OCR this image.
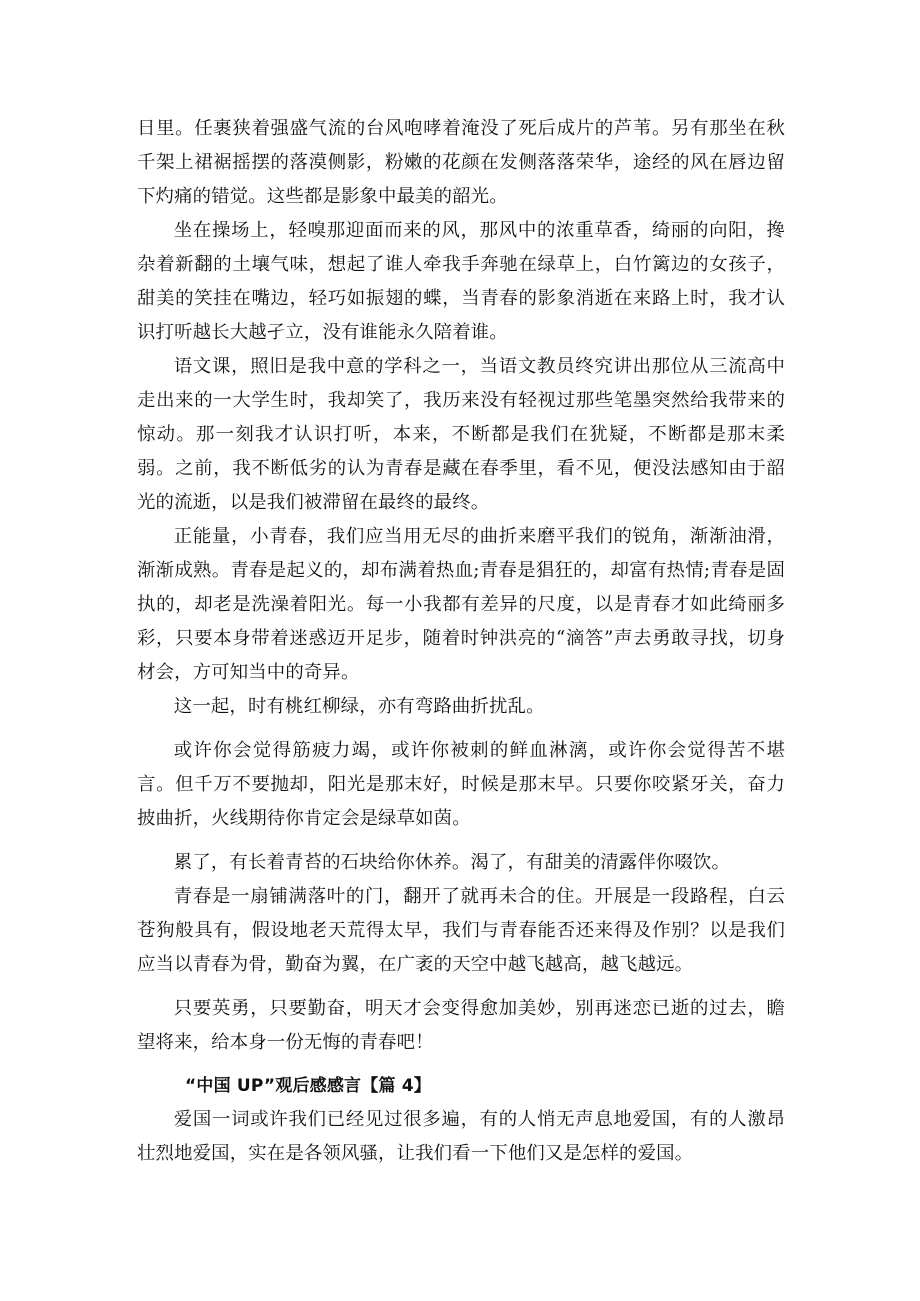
日里。任裹狭着强盛气流的台风咆哮着淹没了死后成片的芦苇。另有那坐在秋千架上裙裾摇摆的落漠侧影，粉嫩的花颜在发侧落落荣华，途经的风在唇边留下灼痛的错觉。这些都是影象中最美的韶光。

坐在操场上，轻嗅那迎面而来的风，那风中的浓重草香，绮丽的向阳，搀杂着新翻的土壤气味，想起了谁人牵我手奔驰在绿草上，白竹篱边的女孩子，甜美的笑挂在嘴边，轻巧如振翅的蝶，当青春的影象消逝在来路上时，我才认识打听越长大越孑立，没有谁能永久陪着谁。

语文课，照旧是我中意的学科之一，当语文教员终究讲出那位从三流高中走出来的一大学生时，我却笑了，我历来没有轻视过那些笔墨突然给我带来的惊动。那一刻我才认识打听，本来，不断都是我们在犹疑，不断都是那末柔弱。之前，我不断低劣的认为青春是藏在春季里，看不见，便没法感知由于韶光的流逝，以是我们被滞留在最终的最终。

正能量，小青春，我们应当用无尽的曲折来磨平我们的锐角，渐渐油滑，渐渐成熟。青春是起义的，却布满着热血;青春是猖狂的，却富有热情;青春是固执的，却老是洗澡着阳光。每一小我都有差异的尺度，以是青春才如此绮丽多彩，只要本身带着迷惑迈开足步，随着时钟洪亮的“滴答”声去勇敢寻找，切身材会，方可知当中的奇异。

这一起，时有桃红柳绿，亦有弯路曲折扰乱。

或许你会觉得筋疲力竭，或许你被刺的鲜血淋漓，或许你会觉得苦不堪言。但千万不要抛却，阳光是那末好，时候是那末早。只要你咬紧牙关，奋力披曲折，火线期待你肯定会是绿草如茵。

累了，有长着青苔的石块给你休养。渴了，有甜美的清露伴你啜饮。

青春是一扇铺满落叶的门，翻开了就再未合的住。开展是一段路程，白云苍狗般具有，假设地老天荒得太早，我们与青春能否还来得及作别？以是我们应当以青春为骨，勤奋为翼，在广袤的天空中越飞越高，越飞越远。

只要英勇，只要勤奋，明天才会变得愈加美妙，别再迷恋已逝的过去，瞻望将来，给本身一份无悔的青春吧！

“中国 UP”观后感感言【篇 4】

爱国一词或许我们已经见过很多遍，有的人悄无声息地爱国，有的人激昂壮烈地爱国，实在是各领风骚，让我们看一下他们又是怎样的爱国。
